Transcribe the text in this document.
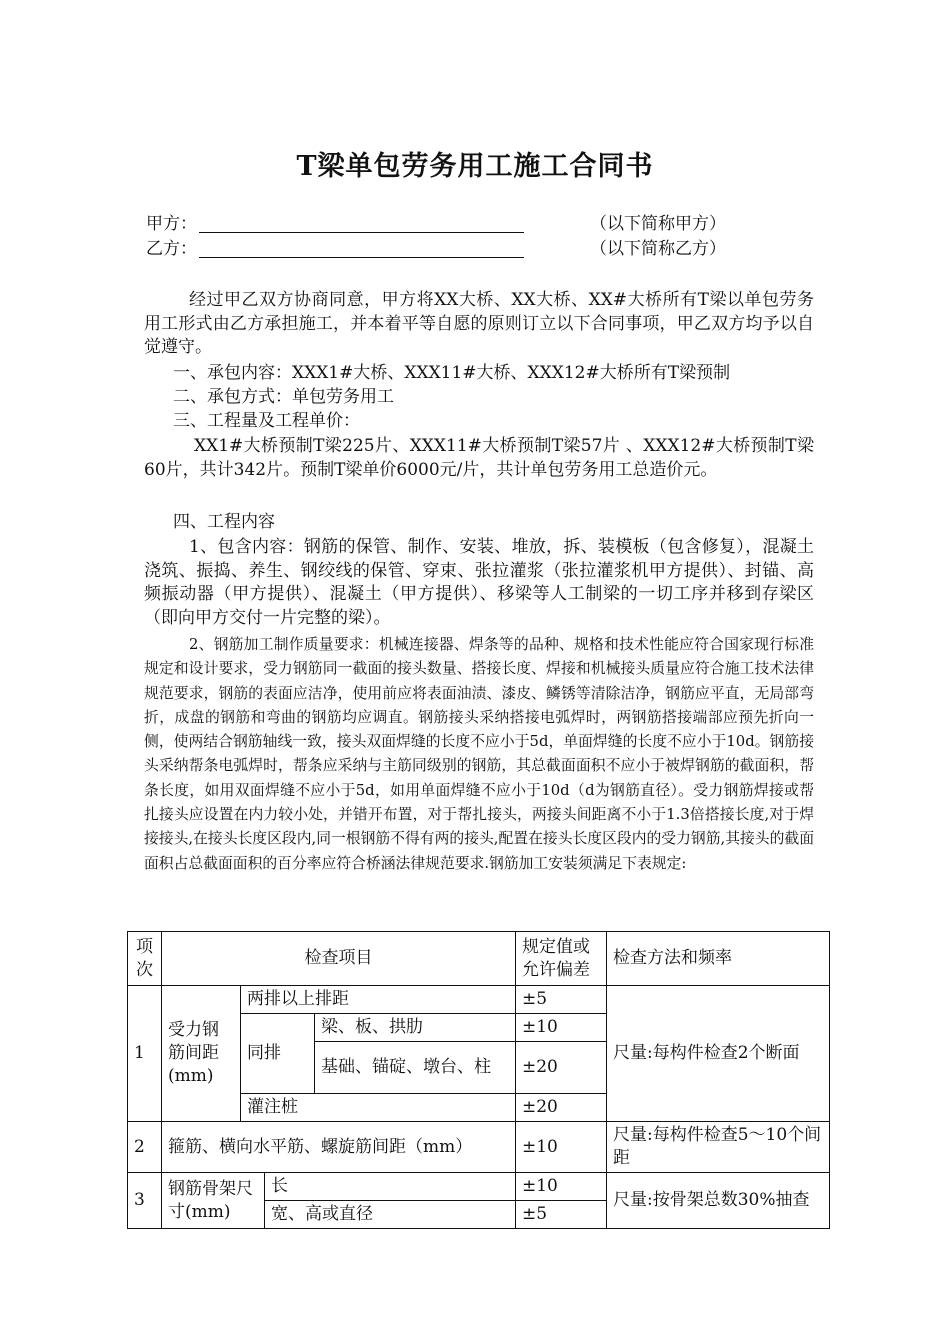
T梁单包劳务用工施工合同书
甲方：	（以下简称甲方）
乙方：	（以下简称乙方）
经过甲乙双方协商同意，甲方将XX大桥、XX大桥、XX#大桥所有T梁以单包劳务用工形式由乙方承担施工，并本着平等自愿的原则订立以下合同事项，甲乙双方均予以自觉遵守。
一、承包内容：XXX1#大桥、XXX11#大桥、XXX12#大桥所有T梁预制
二、承包方式：单包劳务用工
三、工程量及工程单价：
XX1#大桥预制T梁225片、XXX11#大桥预制T梁57片 、XXX12#大桥预制T梁60片，共计342片。预制T梁单价6000元/片，共计单包劳务用工总造价元。
四、工程内容
1、包含内容：钢筋的保管、制作、安装、堆放，拆、装模板（包含修复），混凝土浇筑、振捣、养生、钢绞线的保管、穿束、张拉灌浆（张拉灌浆机甲方提供）、封锚、高频振动器（甲方提供）、混凝土（甲方提供）、移梁等人工制梁的一切工序并移到存梁区（即向甲方交付一片完整的梁）。
2、钢筋加工制作质量要求：机械连接器、焊条等的品种、规格和技术性能应符合国家现行标准规定和设计要求，受力钢筋同一截面的接头数量、搭接长度、焊接和机械接头质量应符合施工技术法律规范要求，钢筋的表面应洁净，使用前应将表面油渍、漆皮、鳞锈等清除洁净，钢筋应平直，无局部弯折，成盘的钢筋和弯曲的钢筋均应调直。钢筋接头采纳搭接电弧焊时，两钢筋搭接端部应预先折向一侧，使两结合钢筋轴线一致，接头双面焊缝的长度不应小于5d，单面焊缝的长度不应小于10d。钢筋接头采纳帮条电弧焊时，帮条应采纳与主筋同级别的钢筋，其总截面面积不应小于被焊钢筋的截面积，帮条长度，如用双面焊缝不应小于5d，如用单面焊缝不应小于10d（d为钢筋直径）。受力钢筋焊接或帮扎接头应设置在内力较小处，并错开布置，对于帮扎接头，两接头间距离不小于1.3倍搭接长度,对于焊接接头,在接头长度区段内,同一根钢筋不得有两的接头,配置在接头长度区段内的受力钢筋,其接头的截面面积占总截面面积的百分率应符合桥涵法律规范要求.钢筋加工安装须满足下表规定:
项次	检查项目				规定值或允许偏差	检查方法和频率
1	受力钢筋间距(mm)	两排以上排距			±5	尺量:每构件检查2个断面
		同排		梁、板、拱肋	±10	
				基础、锚碇、墩台、柱	±20	

		灌注桩			±20	
2	箍筋、横向水平筋、螺旋筋间距（mm）				±10	尺量:每构件检查5～10个间距
3	钢筋骨架尺寸(mm)		长		±10	尺量:按骨架总数30%抽查
			宽、高或直径		±5	
